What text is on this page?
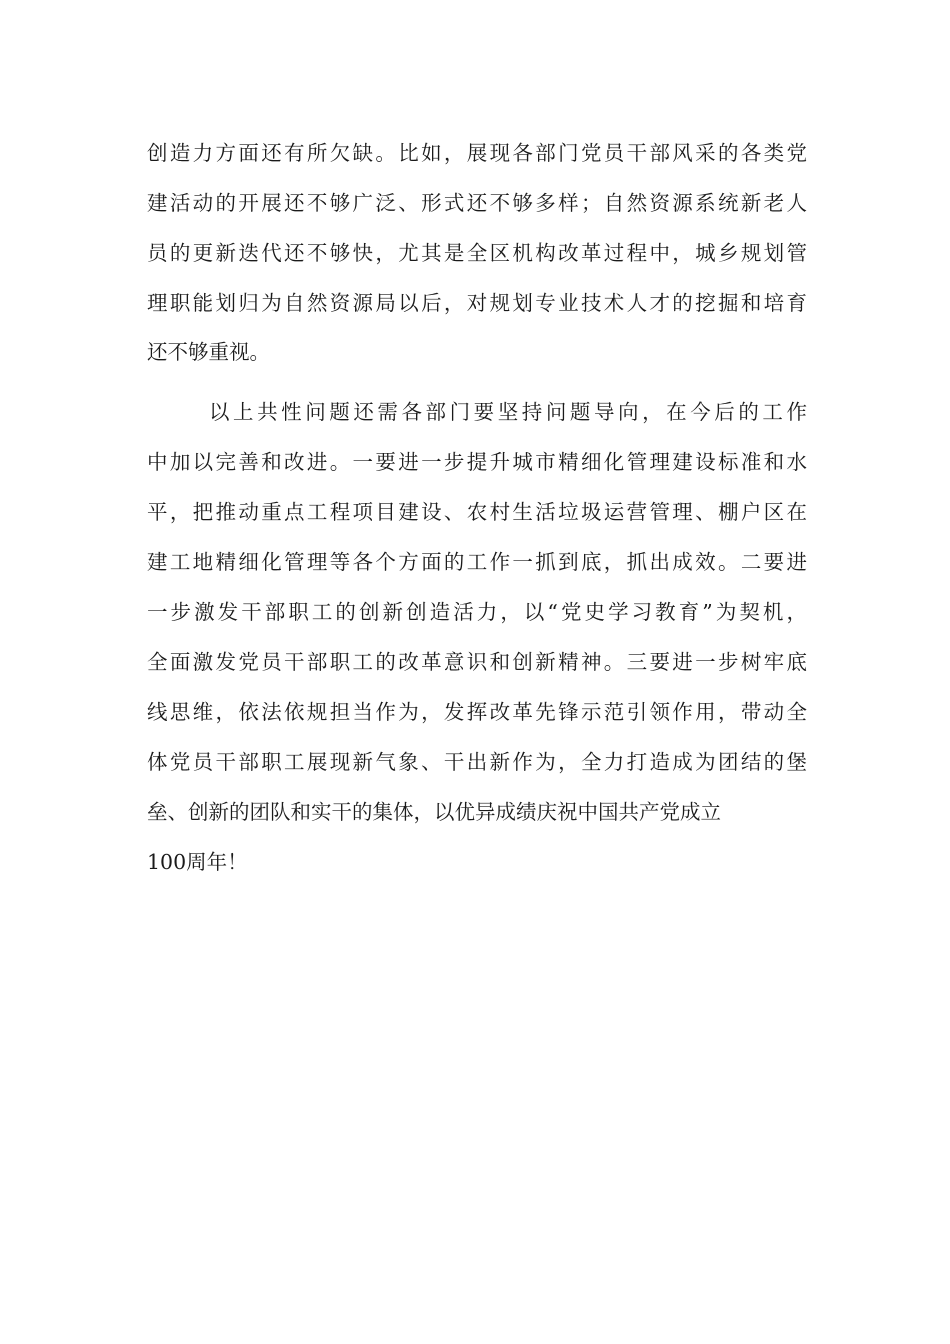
创造力方面还有所欠缺。比如，展现各部门党员干部风采的各类党

建活动的开展还不够广泛、形式还不够多样；自然资源系统新老人

员的更新迭代还不够快，尤其是全区机构改革过程中，城乡规划管

理职能划归为自然资源局以后，对规划专业技术人才的挖掘和培育

还不够重视。

以上共性问题还需各部门要坚持问题导向，在今后的工作

中加以完善和改进。一要进一步提升城市精细化管理建设标准和水

平，把推动重点工程项目建设、农村生活垃圾运营管理、棚户区在

建工地精细化管理等各个方面的工作一抓到底，抓出成效。二要进

一步激发干部职工的创新创造活力，以“党史学习教育”为契机，

全面激发党员干部职工的改革意识和创新精神。三要进一步树牢底

线思维，依法依规担当作为，发挥改革先锋示范引领作用，带动全

体党员干部职工展现新气象、干出新作为，全力打造成为团结的堡

垒、创新的团队和实干的集体，以优异成绩庆祝中国共产党成立

100周年！
